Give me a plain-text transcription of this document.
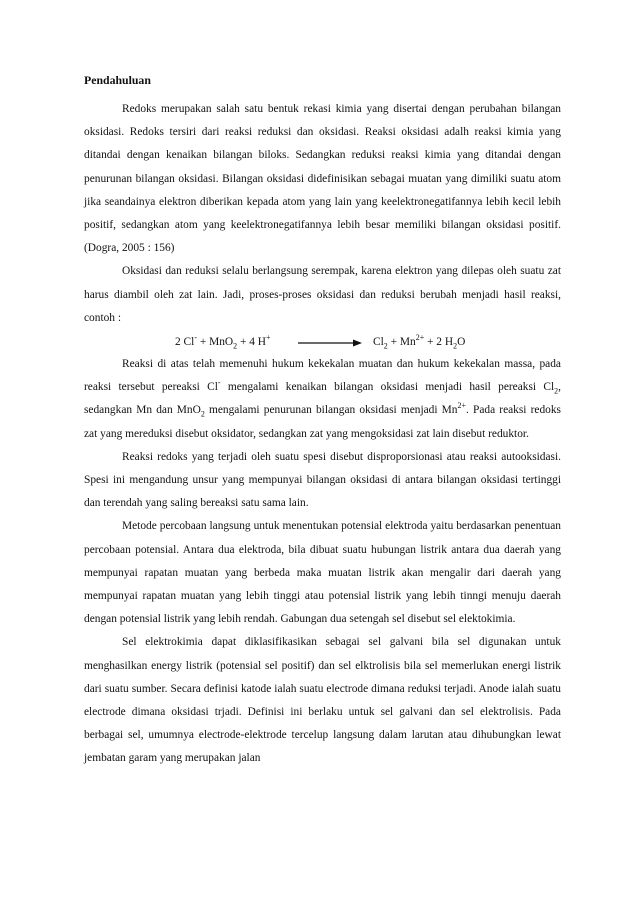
Pendahuluan

Redoks merupakan salah satu bentuk rekasi kimia yang disertai dengan perubahan bilangan oksidasi. Redoks tersiri dari reaksi reduksi dan oksidasi. Reaksi oksidasi adalh reaksi kimia yang ditandai dengan kenaikan bilangan biloks. Sedangkan reduksi reaksi kimia yang ditandai dengan penurunan bilangan oksidasi. Bilangan oksidasi didefinisikan sebagai muatan yang dimiliki suatu atom jika seandainya elektron diberikan kepada atom yang lain yang keelektronegatifannya lebih kecil lebih positif, sedangkan atom yang keelektronegatifannya lebih besar memiliki bilangan oksidasi positif. (Dogra, 2005 : 156)

Oksidasi dan reduksi selalu berlangsung serempak, karena elektron yang dilepas oleh suatu zat harus diambil oleh zat lain. Jadi, proses-proses oksidasi dan reduksi berubah menjadi hasil reaksi, contoh :

2 Cl- + MnO$_2$ + 4 H+	$Cl_2 + Mn^{2+} + 2$ $H_2O$

Reaksi di atas telah memenuhi hukum kekekalan muatan dan hukum kekekalan massa, pada reaksi tersebut pereaksi Cl- mengalami kenaikan bilangan oksidasi menjadi hasil pereaksi $Cl_2$, sedangkan Mn dan MnO$_2$ mengalami penurunan bilangan oksidasi menjadi $Mn^{2+}$. Pada reaksi redoks zat yang mereduksi disebut oksidator, sedangkan zat yang mengoksidasi zat lain disebut reduktor.

Reaksi redoks yang terjadi oleh suatu spesi disebut disproporsionasi atau reaksi autooksidasi. Spesi ini mengandung unsur yang mempunyai bilangan oksidasi di antara bilangan oksidasi tertinggi dan terendah yang saling bereaksi satu sama lain.

Metode percobaan langsung untuk menentukan potensial elektroda yaitu berdasarkan penentuan percobaan potensial. Antara dua elektroda, bila dibuat suatu hubungan listrik antara dua daerah yang mempunyai rapatan muatan yang berbeda maka muatan listrik akan mengalir dari daerah yang mempunyai rapatan muatan yang lebih tinggi atau potensial listrik yang lebih tinngi menuju daerah dengan potensial listrik yang lebih rendah. Gabungan dua setengah sel disebut sel elektokimia.

Sel elektrokimia dapat diklasifikasikan sebagai sel galvani bila sel digunakan untuk menghasilkan energy listrik (potensial sel positif) dan sel elktrolisis bila sel memerlukan energi listrik dari suatu sumber. Secara definisi katode ialah suatu electrode dimana reduksi terjadi. Anode ialah suatu electrode dimana oksidasi trjadi. Definisi ini berlaku untuk sel galvani dan sel elektrolisis. Pada berbagai sel, umumnya electrode-elektrode tercelup langsung dalam larutan atau dihubungkan lewat jembatan garam yang merupakan jalan
